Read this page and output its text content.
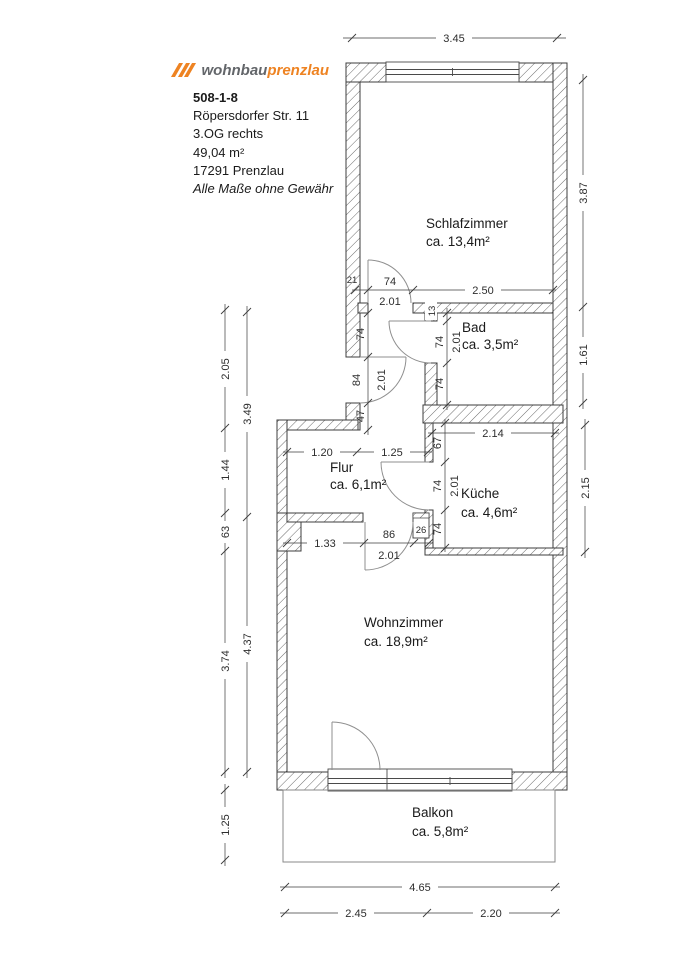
wohnbauprenzlau
508-1-8
Röpersdorfer Str. 11
3.OG rechts
49,04 m²
17291 Prenzlau
Alle Maße ohne Gewähr
Schlafzimmer
ca. 13,4m²
Bad
ca. 3,5m²
Flur
ca. 6,1m²
Küche
ca. 4,6m²
Wohnzimmer
ca. 18,9m²
Balkon
ca. 5,8m²
3.45
3.87
1.61
2.15
2.05
1.44
63
3.74
1.25
3.49
4.37
4.65
2.45	2.20
21 74
2.01
2.50
74
84 2.01
47
13
74 2.01
74
1.20	1.25
2.14
67
74 2.01
74
1.33
86
2.01
26
